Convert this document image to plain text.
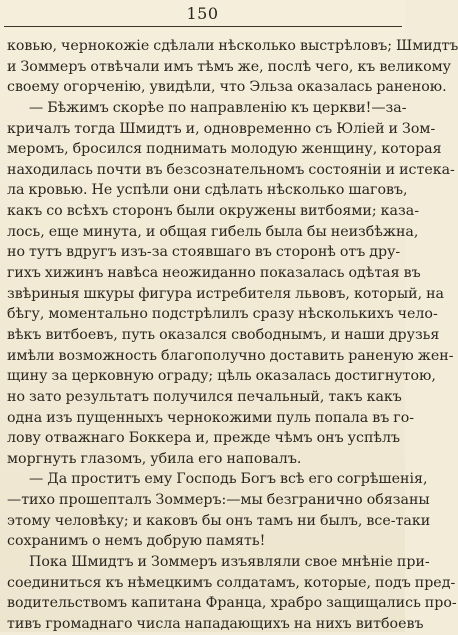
150
ковью, чернокожіе сдѣлали нѣсколько выстрѣловъ; Шмидтъ
и Зоммеръ отвѣчали имъ тѣмъ же, послѣ чего, къ великому
своему огорченію, увидѣли, что Эльза оказалась раненою.
— Бѣжимъ скорѣе по направленію къ церкви!—за-
кричалъ тогда Шмидтъ и, одновременно съ Юліей и Зом-
меромъ, бросился поднимать молодую женщину, которая
находилась почти въ безсознательномъ состояніи и истека-
ла кровью. Не успѣли они сдѣлать нѣсколько шаговъ,
какъ со всѣхъ сторонъ были окружены витбоями; каза-
лось, еще минута, и общая гибель была бы неизбѣжна,
но тутъ вдругъ изъ-за стоявшаго въ сторонѣ отъ дру-
гихъ хижинъ навѣса неожиданно показалась одѣтая въ
звѣриныя шкуры фигура истребителя львовъ, который, на
бѣгу, моментально подстрѣлилъ сразу нѣсколькихъ чело-
вѣкъ витбоевъ, путь оказался свободнымъ, и наши друзья
имѣли возможность благополучно доставить раненую жен-
щину за церковную ограду; цѣль оказалась достигнутою,
но зато результатъ получился печальный, такъ какъ
одна изъ пущенныхъ чернокожими пуль попала въ го-
лову отважнаго Боккера и, прежде чѣмъ онъ успѣлъ
моргнуть глазомъ, убила его наповалъ.
— Да проститъ ему Господь Богъ всѣ его согрѣшенія,
—тихо прошепталъ Зоммеръ:—мы безгранично обязаны
этому человѣку; и каковъ бы онъ тамъ ни былъ, все-таки
сохранимъ о немъ добрую память!
Пока Шмидтъ и Зоммеръ изъявляли свое мнѣніе при-
соединиться къ нѣмецкимъ солдатамъ, которые, подъ пред-
водительствомъ капитана Франца, храбро защищались про-
тивъ громаднаго числа нападающихъ на нихъ витбоевъ
